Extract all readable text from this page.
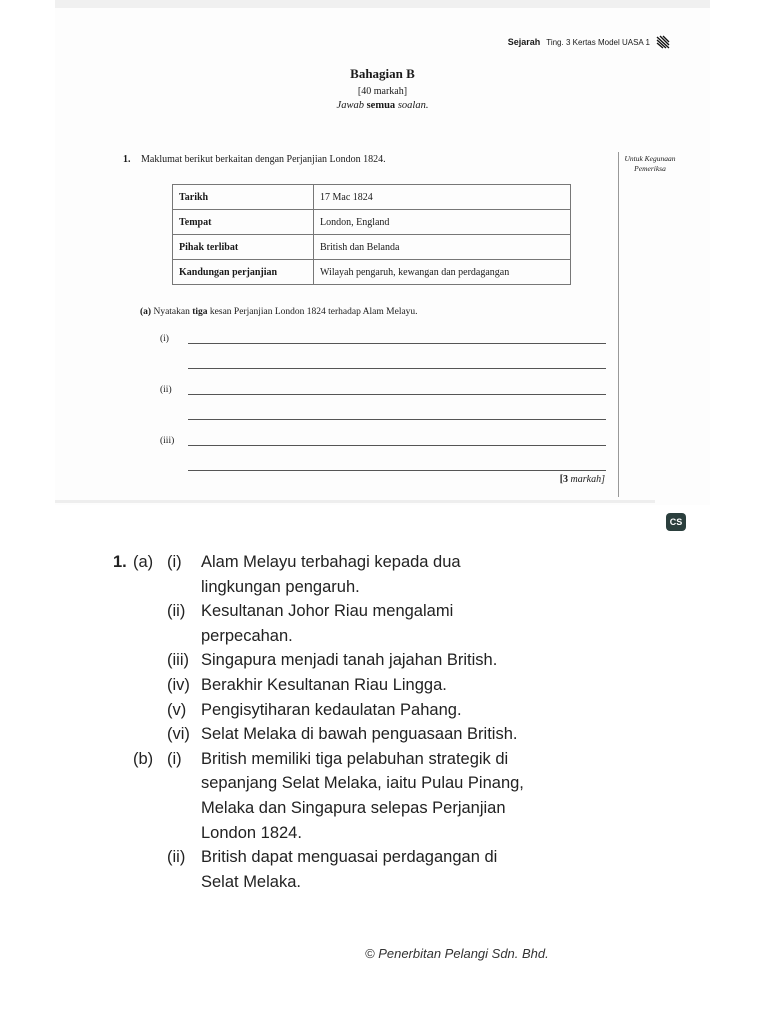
Sejarah Ting. 3 Kertas Model UASA 1
Bahagian B
[40 markah]
Jawab semua soalan.
1. Maklumat berikut berkaitan dengan Perjanjian London 1824.	Untuk Kegunaan Pemeriksa
Tarikh	17 Mac 1824
Tempat	London, England
Pihak terlibat	British dan Belanda
Kandungan perjanjian	Wilayah pengaruh, kewangan dan perdagangan
(a) Nyatakan tiga kesan Perjanjian London 1824 terhadap Alam Melayu.
(i)
(ii)
(iii)
[3 markah]
CS
1. (a) (i)	Alam Melayu terbahagi kepada dua
lingkungan pengaruh.
(ii) Kesultanan Johor Riau mengalami
perpecahan.
(iii) Singapura menjadi tanah jajahan British.
(iv) Berakhir Kesultanan Riau Lingga.
(v) Pengisytiharan kedaulatan Pahang.
(vi) Selat Melaka di bawah penguasaan British.
(b) (i)	British memiliki tiga pelabuhan strategik di
sepanjang Selat Melaka, iaitu Pulau Pinang,
Melaka dan Singapura selepas Perjanjian
London 1824.
(ii) British dapat menguasai perdagangan di
Selat Melaka.
© Penerbitan Pelangi Sdn. Bhd.
